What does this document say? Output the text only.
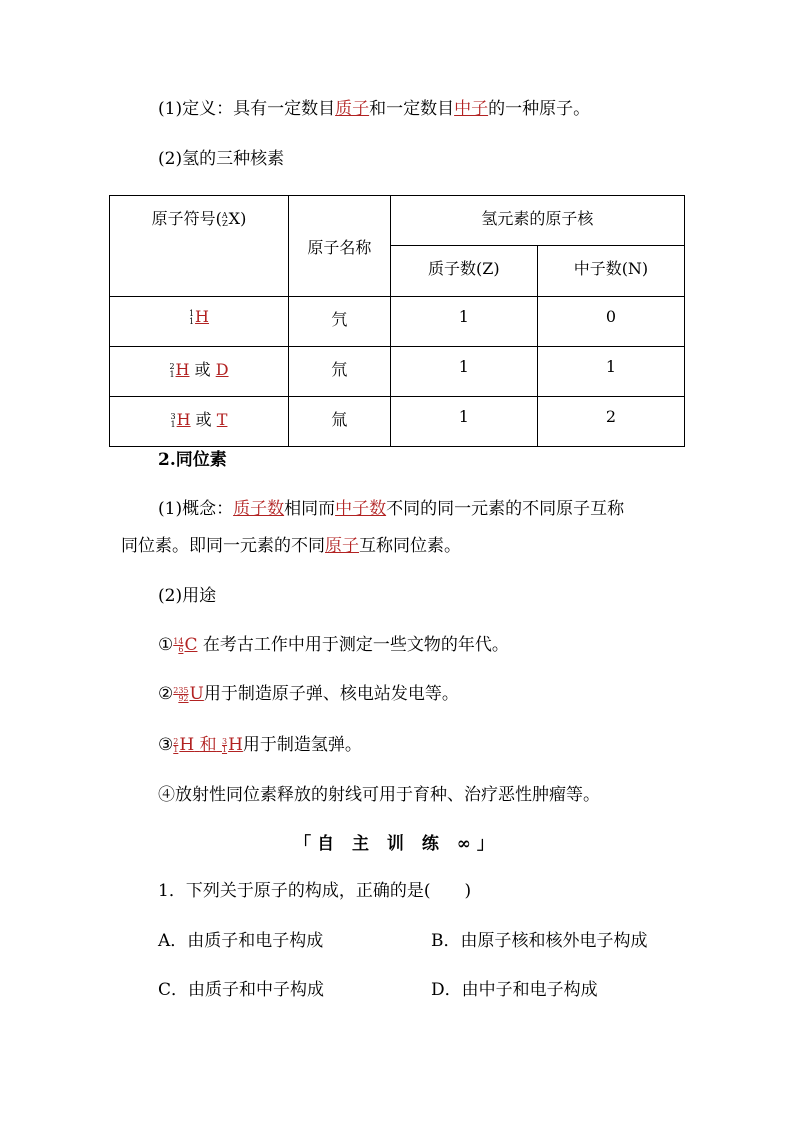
(1)定义：具有一定数目质子和一定数目中子的一种原子。
(2)氢的三种核素
原子符号(A
ZX)	原子名称	氢元素的原子核	
		质子数(Z)	中子数(N)
1
1H	氕	1	0
2
1H 或 D	氘	1	1
3
1H 或 T	氚	1	2
2.同位素
(1)概念：质子数相同而中子数不同的同一元素的不同原子互称
同位素。即同一元素的不同原子互称同位素。
(2)用途
①14
6C 在考古工作中用于测定一些文物的年代。
②235
92U用于制造原子弹、核电站发电等。
③2
1H 和 3
1H用于制造氢弹。
④放射性同位素释放的射线可用于育种、治疗恶性肿瘤等。
「自 主 训 练 ∞」
1．下列关于原子的构成，正确的是(　　)
A．由质子和电子构成	B．由原子核和核外电子构成
C．由质子和中子构成	D．由中子和电子构成
